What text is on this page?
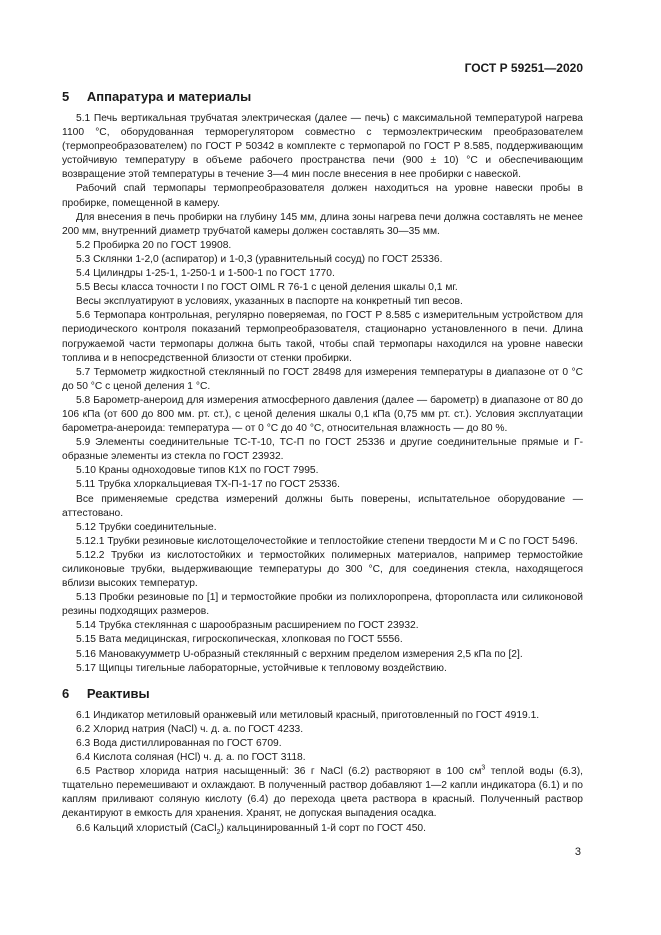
ГОСТ Р 59251—2020
5 Аппаратура и материалы

5.1 Печь вертикальная трубчатая электрическая (далее — печь) с максимальной температурой нагрева 1100 °С, оборудованная терморегулятором совместно с термоэлектрическим преобразователем (термопреобразователем) по ГОСТ Р 50342 в комплекте с термопарой по ГОСТ Р 8.585, поддерживающим устойчивую температуру в объеме рабочего пространства печи (900 ± 10) °С и обеспечивающим возвращение этой температуры в течение 3—4 мин после внесения в нее пробирки с навеской.

Рабочий спай термопары термопреобразователя должен находиться на уровне навески пробы в пробирке, помещенной в камеру.

Для внесения в печь пробирки на глубину 145 мм, длина зоны нагрева печи должна составлять не менее 200 мм, внутренний диаметр трубчатой камеры должен составлять 30—35 мм.

5.2 Пробирка 20 по ГОСТ 19908.

5.3 Склянки 1-2,0 (аспиратор) и 1-0,3 (уравнительный сосуд) по ГОСТ 25336.

5.4 Цилиндры 1-25-1, 1-250-1 и 1-500-1 по ГОСТ 1770.

5.5 Весы класса точности I по ГОСТ OIML R 76-1 с ценой деления шкалы 0,1 мг.

Весы эксплуатируют в условиях, указанных в паспорте на конкретный тип весов.

5.6 Термопара контрольная, регулярно поверяемая, по ГОСТ Р 8.585 с измерительным устройством для периодического контроля показаний термопреобразователя, стационарно установленного в печи. Длина погружаемой части термопары должна быть такой, чтобы спай термопары находился на уровне навески топлива и в непосредственной близости от стенки пробирки.

5.7 Термометр жидкостной стеклянный по ГОСТ 28498 для измерения температуры в диапазоне от 0 °С до 50 °С с ценой деления 1 °С.

5.8 Барометр-анероид для измерения атмосферного давления (далее — барометр) в диапазоне от 80 до 106 кПа (от 600 до 800 мм. рт. ст.), с ценой деления шкалы 0,1 кПа (0,75 мм рт. ст.). Условия эксплуатации барометра-анероида: температура — от 0 °С до 40 °С, относительная влажность — до 80 %.

5.9 Элементы соединительные ТС-Т-10, ТС-П по ГОСТ 25336 и другие соединительные прямые и Г-образные элементы из стекла по ГОСТ 23932.

5.10 Краны одноходовые типов К1Х по ГОСТ 7995.

5.11 Трубка хлоркальциевая ТХ-П-1-17 по ГОСТ 25336.

Все применяемые средства измерений должны быть поверены, испытательное оборудование — аттестовано.

5.12 Трубки соединительные.

5.12.1 Трубки резиновые кислотощелочестойкие и теплостойкие степени твердости М и С по ГОСТ 5496.

5.12.2 Трубки из кислотостойких и термостойких полимерных материалов, например термостойкие силиконовые трубки, выдерживающие температуры до 300 °С, для соединения стекла, находящегося вблизи высоких температур.

5.13 Пробки резиновые по [1] и термостойкие пробки из полихлоропрена, фторопласта или силиконовой резины подходящих размеров.

5.14 Трубка стеклянная с шарообразным расширением по ГОСТ 23932.

5.15 Вата медицинская, гигроскопическая, хлопковая по ГОСТ 5556.

5.16 Мановакуумметр U-образный стеклянный с верхним пределом измерения 2,5 кПа по [2].

5.17 Щипцы тигельные лабораторные, устойчивые к тепловому воздействию.

6 Реактивы

6.1 Индикатор метиловый оранжевый или метиловый красный, приготовленный по ГОСТ 4919.1.

6.2 Хлорид натрия (NaCl) ч. д. а. по ГОСТ 4233.

6.3 Вода дистиллированная по ГОСТ 6709.

6.4 Кислота соляная (HCl) ч. д. а. по ГОСТ 3118.

6.5 Раствор хлорида натрия насыщенный: 36 г NaCl (6.2) растворяют в 100 $см^3$ теплой воды (6.3), тщательно перемешивают и охлаждают. В полученный раствор добавляют 1—2 капли индикатора (6.1) и по каплям приливают соляную кислоту (6.4) до перехода цвета раствора в красный. Полученный раствор декантируют в емкость для хранения. Хранят, не допуская выпадения осадка.

6.6 Кальций хлористый (CaCl$_2$) кальцинированный 1-й сорт по ГОСТ 450.

3
